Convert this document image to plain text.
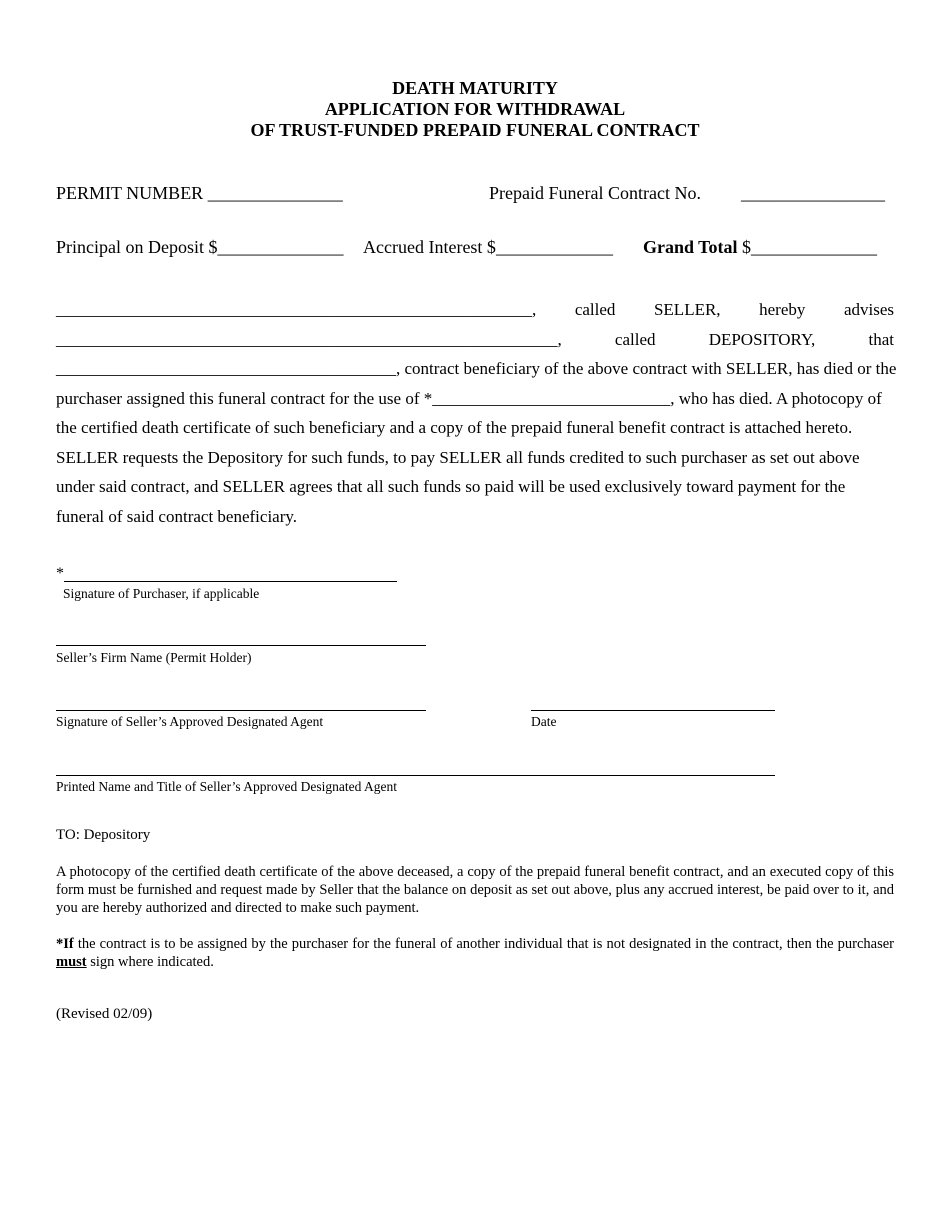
DEATH MATURITY
APPLICATION FOR WITHDRAWAL
OF TRUST-FUNDED PREPAID FUNERAL CONTRACT
PERMIT NUMBER _______________	Prepaid Funeral Contract No. ________________
Principal on Deposit $______________ Accrued Interest $_____________ Grand Total $______________
________________________________________________________, called SELLER, hereby advises
___________________________________________________________,	called	DEPOSITORY,	that
________________________________________, contract beneficiary of the above contract with SELLER, has died or the
purchaser assigned this funeral contract for the use of *____________________________, who has died. A photocopy of
the certified death certificate of such beneficiary and a copy of the prepaid funeral benefit contract is attached hereto.
SELLER requests the Depository for such funds, to pay SELLER all funds credited to such purchaser as set out above
under said contract, and SELLER agrees that all such funds so paid will be used exclusively toward payment for the
funeral of said contract beneficiary.
*
Signature of Purchaser, if applicable
Seller’s Firm Name (Permit Holder)
Signature of Seller’s Approved Designated Agent	Date
Printed Name and Title of Seller’s Approved Designated Agent
TO: Depository
A photocopy of the certified death certificate of the above deceased, a copy of the prepaid funeral benefit contract, and an executed copy of this form must be furnished and request made by Seller that the balance on deposit as set out above, plus any accrued interest, be paid over to it, and you are hereby authorized and directed to make such payment.
*If the contract is to be assigned by the purchaser for the funeral of another individual that is not designated in the contract, then the purchaser must sign where indicated.
(Revised 02/09)
